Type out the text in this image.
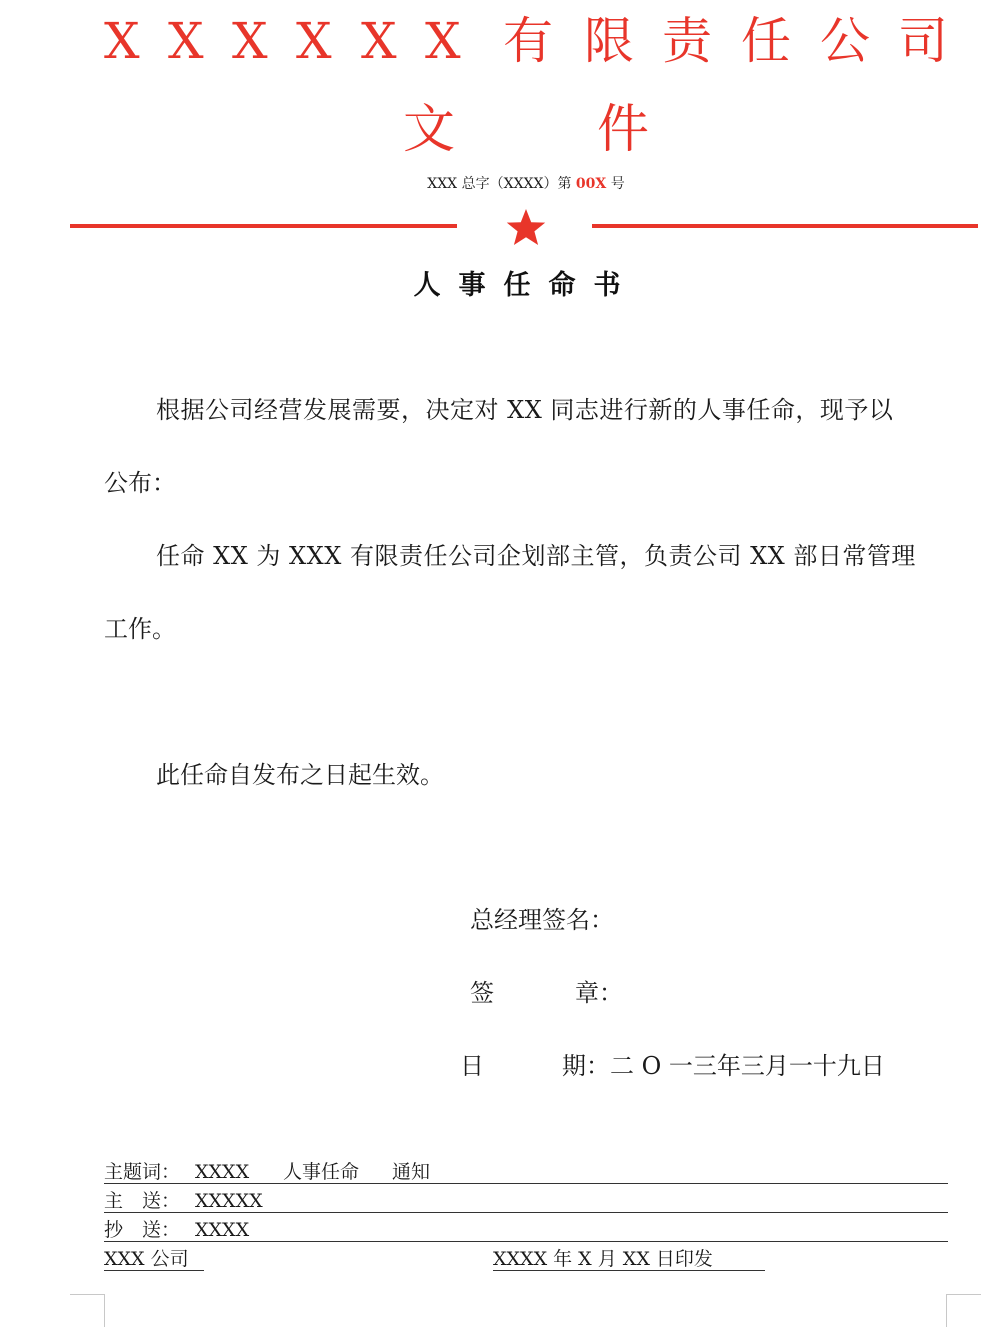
X X X X X X 有 限 责 任 公 司
文	件
XXX 总字（XXXX）第 00X 号
人事任命书
根据公司经营发展需要，决定对 XX 同志进行新的人事任命，现予以
公布：
任命 XX 为 XXX 有限责任公司企划部主管，负责公司 XX 部日常管理
工作。
此任命自发布之日起生效。
总经理签名：
签	章：
日	期：二 O 一三年三月一十九日
主题词： XXXX 人事任命 通知
主　送： XXXXX
抄　送： XXXX
XXX 公司	XXXX 年 X 月 XX 日印发
